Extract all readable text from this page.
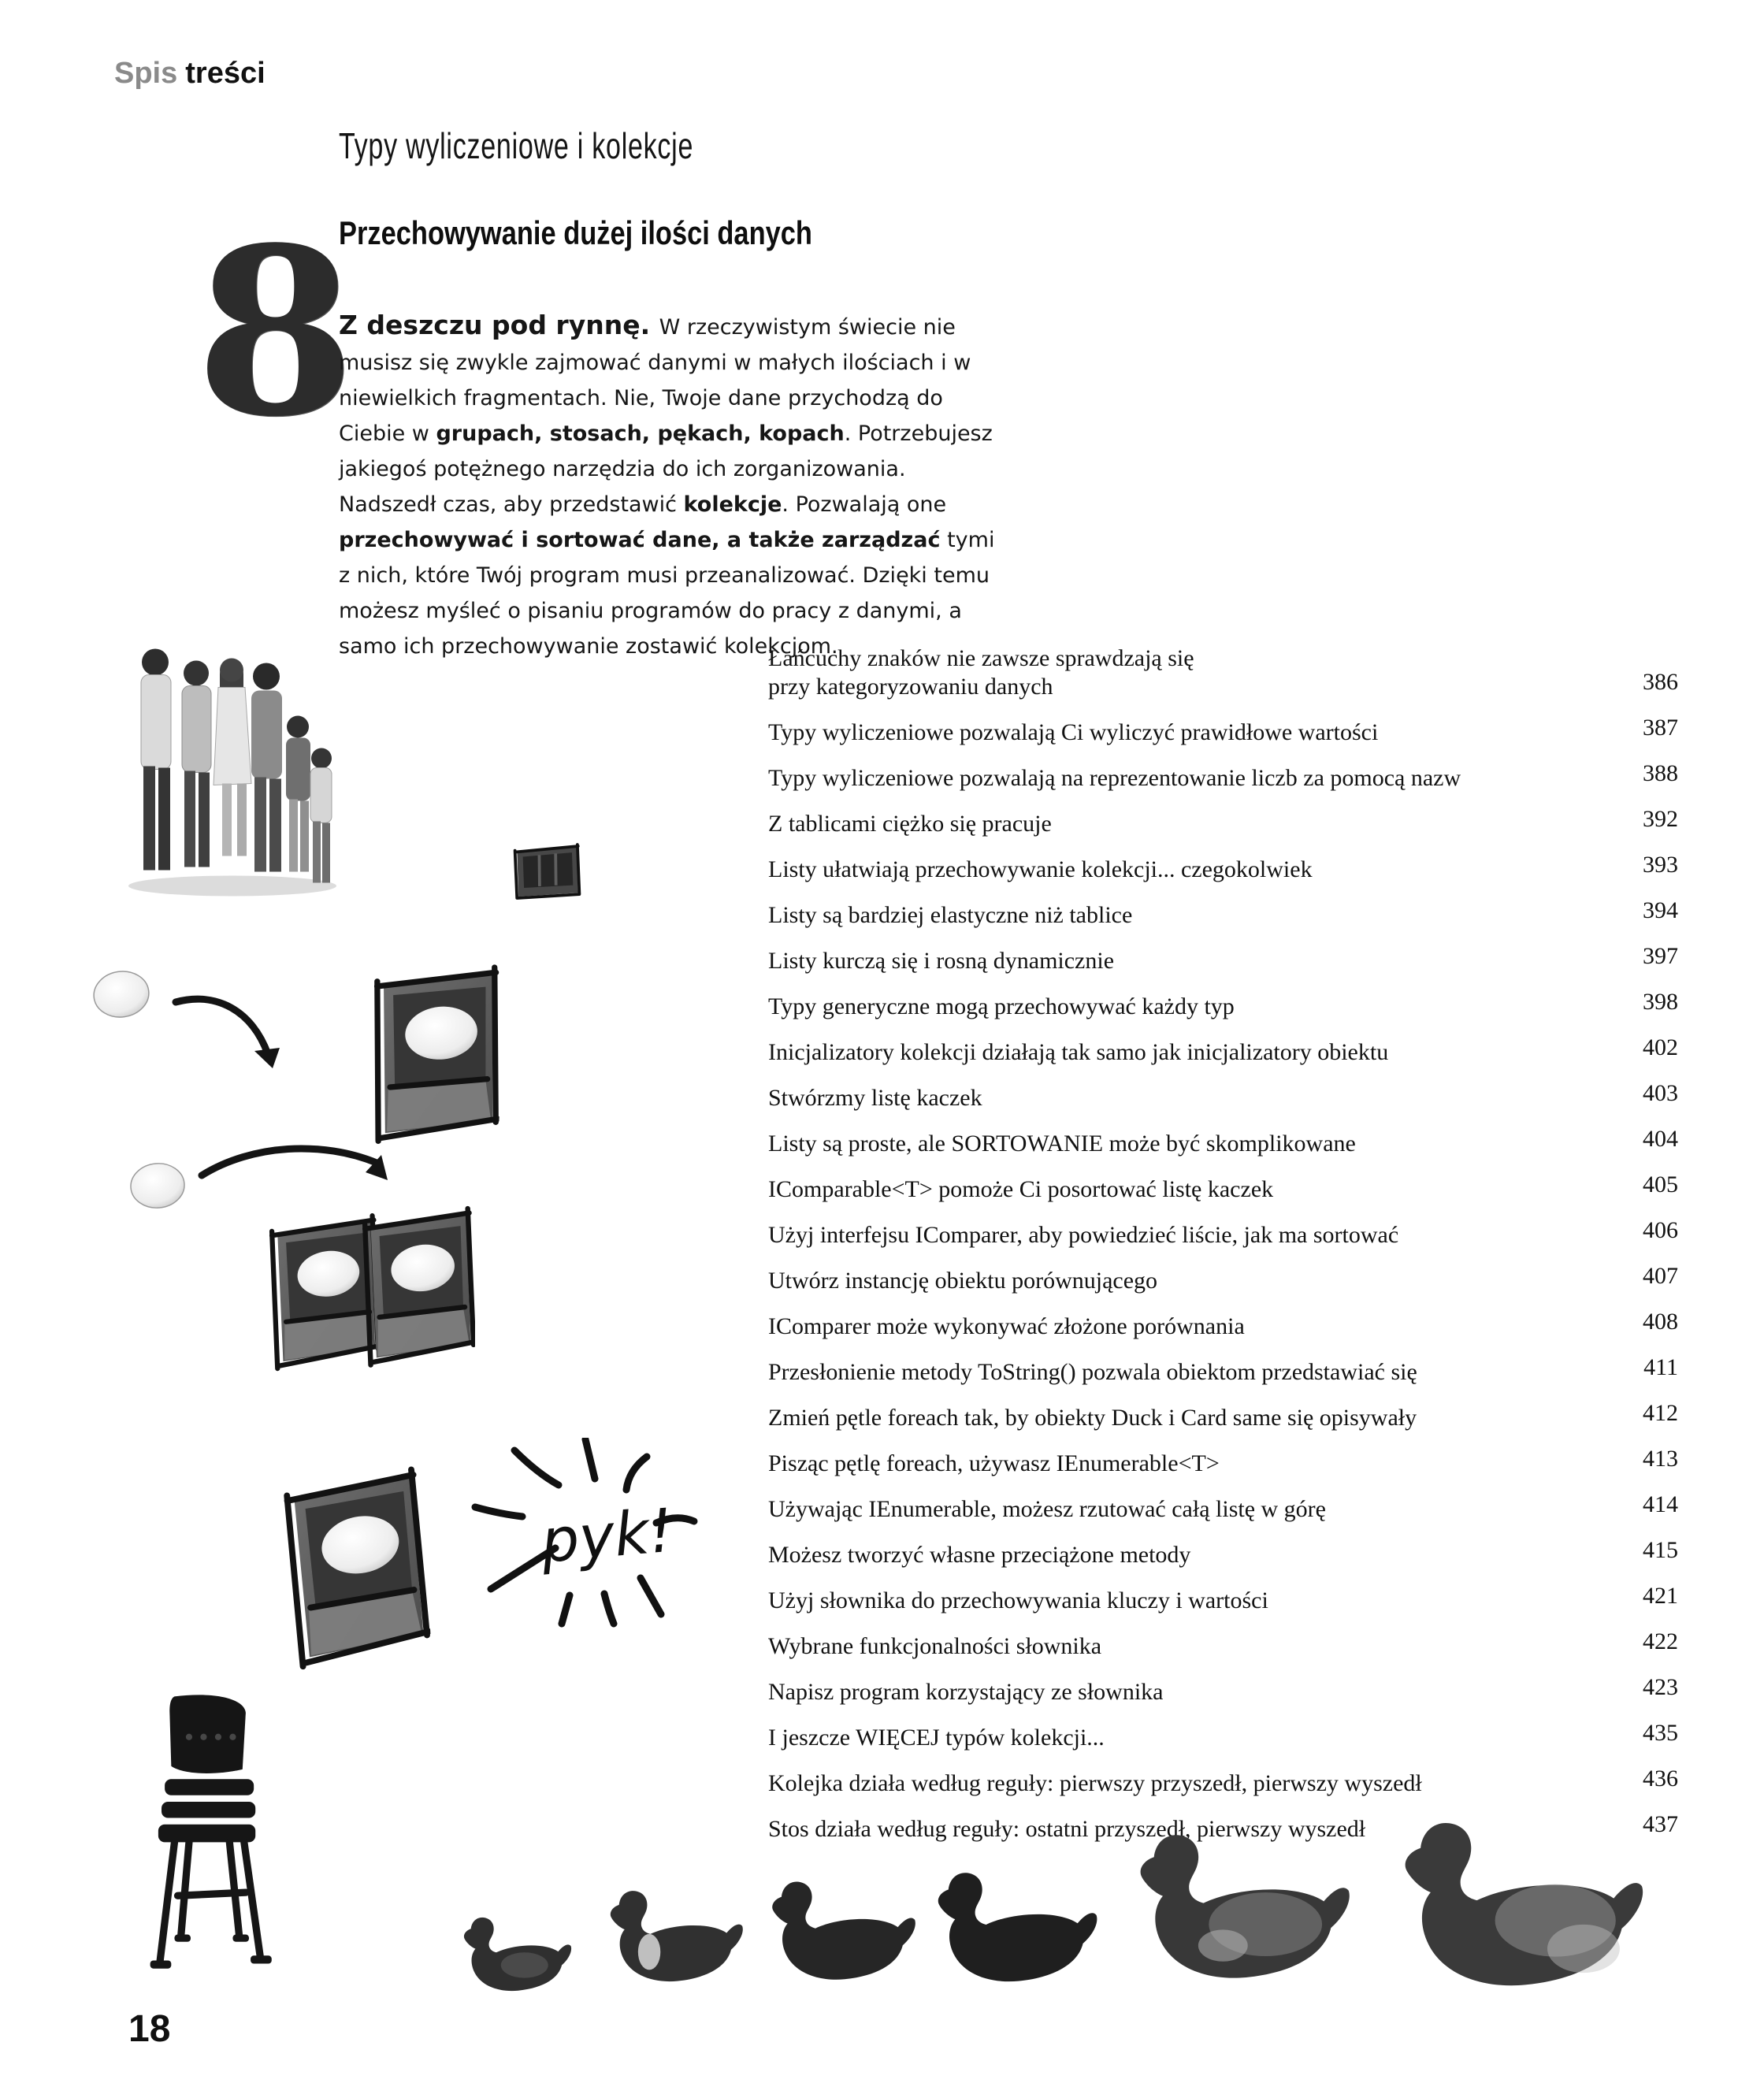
Spis treści
8
Typy wyliczeniowe i kolekcje
Przechowywanie dużej ilości danych
Z deszczu pod rynnę. W rzeczywistym świecie nie musisz się zwykle zajmować danymi w małych ilościach i w niewielkich fragmentach. Nie, Twoje dane przychodzą do Ciebie w grupach, stosach, pękach, kopach. Potrzebujesz jakiegoś potężnego narzędzia do ich zorganizowania. Nadszedł czas, aby przedstawić kolekcje. Pozwalają one przechowywać i sortować dane, a także zarządzać tymi z nich, które Twój program musi przeanalizować. Dzięki temu możesz myśleć o pisaniu programów do pracy z danymi, a samo ich przechowywanie zostawić kolekcjom.
Łańcuchy znaków nie zawsze sprawdzają się
przy kategoryzowaniu danych	386
Typy wyliczeniowe pozwalają Ci wyliczyć prawidłowe wartości	387
Typy wyliczeniowe pozwalają na reprezentowanie liczb za pomocą nazw	388
Z tablicami ciężko się pracuje	392
Listy ułatwiają przechowywanie kolekcji... czegokolwiek	393
Listy są bardziej elastyczne niż tablice	394
Listy kurczą się i rosną dynamicznie	397
Typy generyczne mogą przechowywać każdy typ	398
Inicjalizatory kolekcji działają tak samo jak inicjalizatory obiektu	402
Stwórzmy listę kaczek	403
Listy są proste, ale SORTOWANIE może być skomplikowane	404
IComparable<T> pomoże Ci posortować listę kaczek	405
Użyj interfejsu IComparer, aby powiedzieć liście, jak ma sortować	406
Utwórz instancję obiektu porównującego	407
IComparer może wykonywać złożone porównania	408
Przesłonienie metody ToString() pozwala obiektom przedstawiać się	411
Zmień pętle foreach tak, by obiekty Duck i Card same się opisywały	412
Pisząc pętlę foreach, używasz IEnumerable<T>	413
Używając IEnumerable, możesz rzutować całą listę w górę	414
Możesz tworzyć własne przeciążone metody	415
Użyj słownika do przechowywania kluczy i wartości	421
Wybrane funkcjonalności słownika	422
Napisz program korzystający ze słownika	423
I jeszcze WIĘCEJ typów kolekcji...	435
Kolejka działa według reguły: pierwszy przyszedł, pierwszy wyszedł	436
Stos działa według reguły: ostatni przyszedł, pierwszy wyszedł	437
pyk!
18
